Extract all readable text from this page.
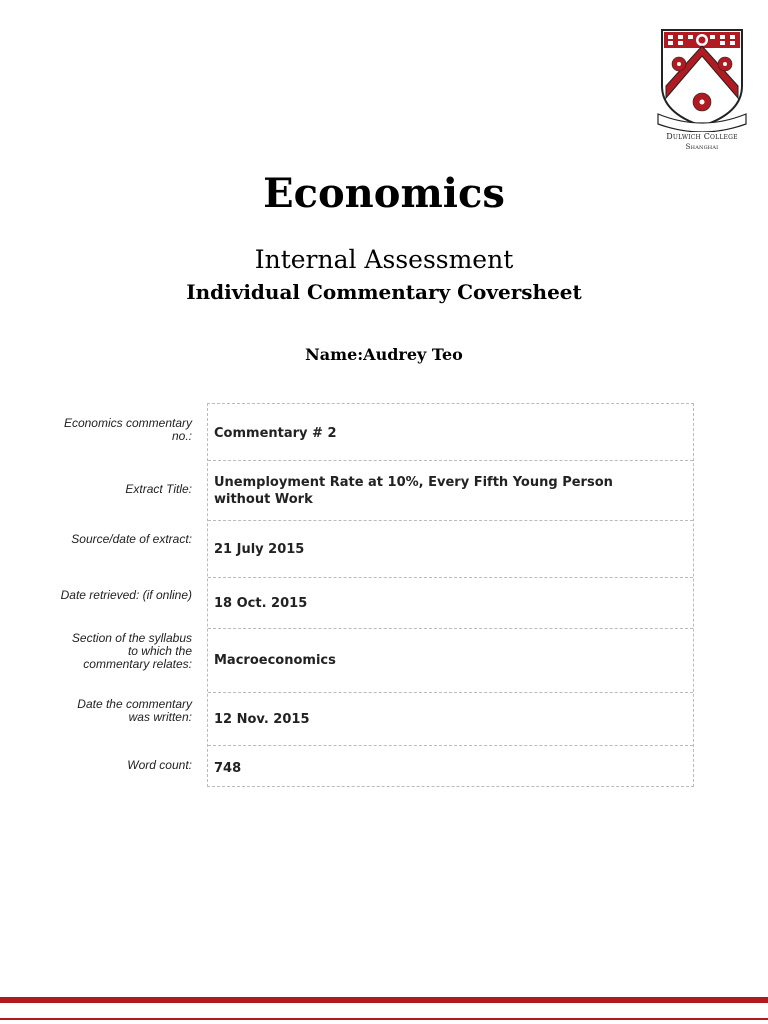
Dulwich College
Shanghai
Economics
Internal Assessment
Individual Commentary Coversheet
Name:Audrey Teo
Economics commentary no.:
Extract Title:
Source/date of extract:
Date retrieved: (if online)
Section of the syllabus to which the commentary relates:
Date the commentary was written:
Word count:
Commentary # 2
Unemployment Rate at 10%, Every Fifth Young Person without Work
21 July 2015
18 Oct. 2015
Macroeconomics
12 Nov. 2015
748
